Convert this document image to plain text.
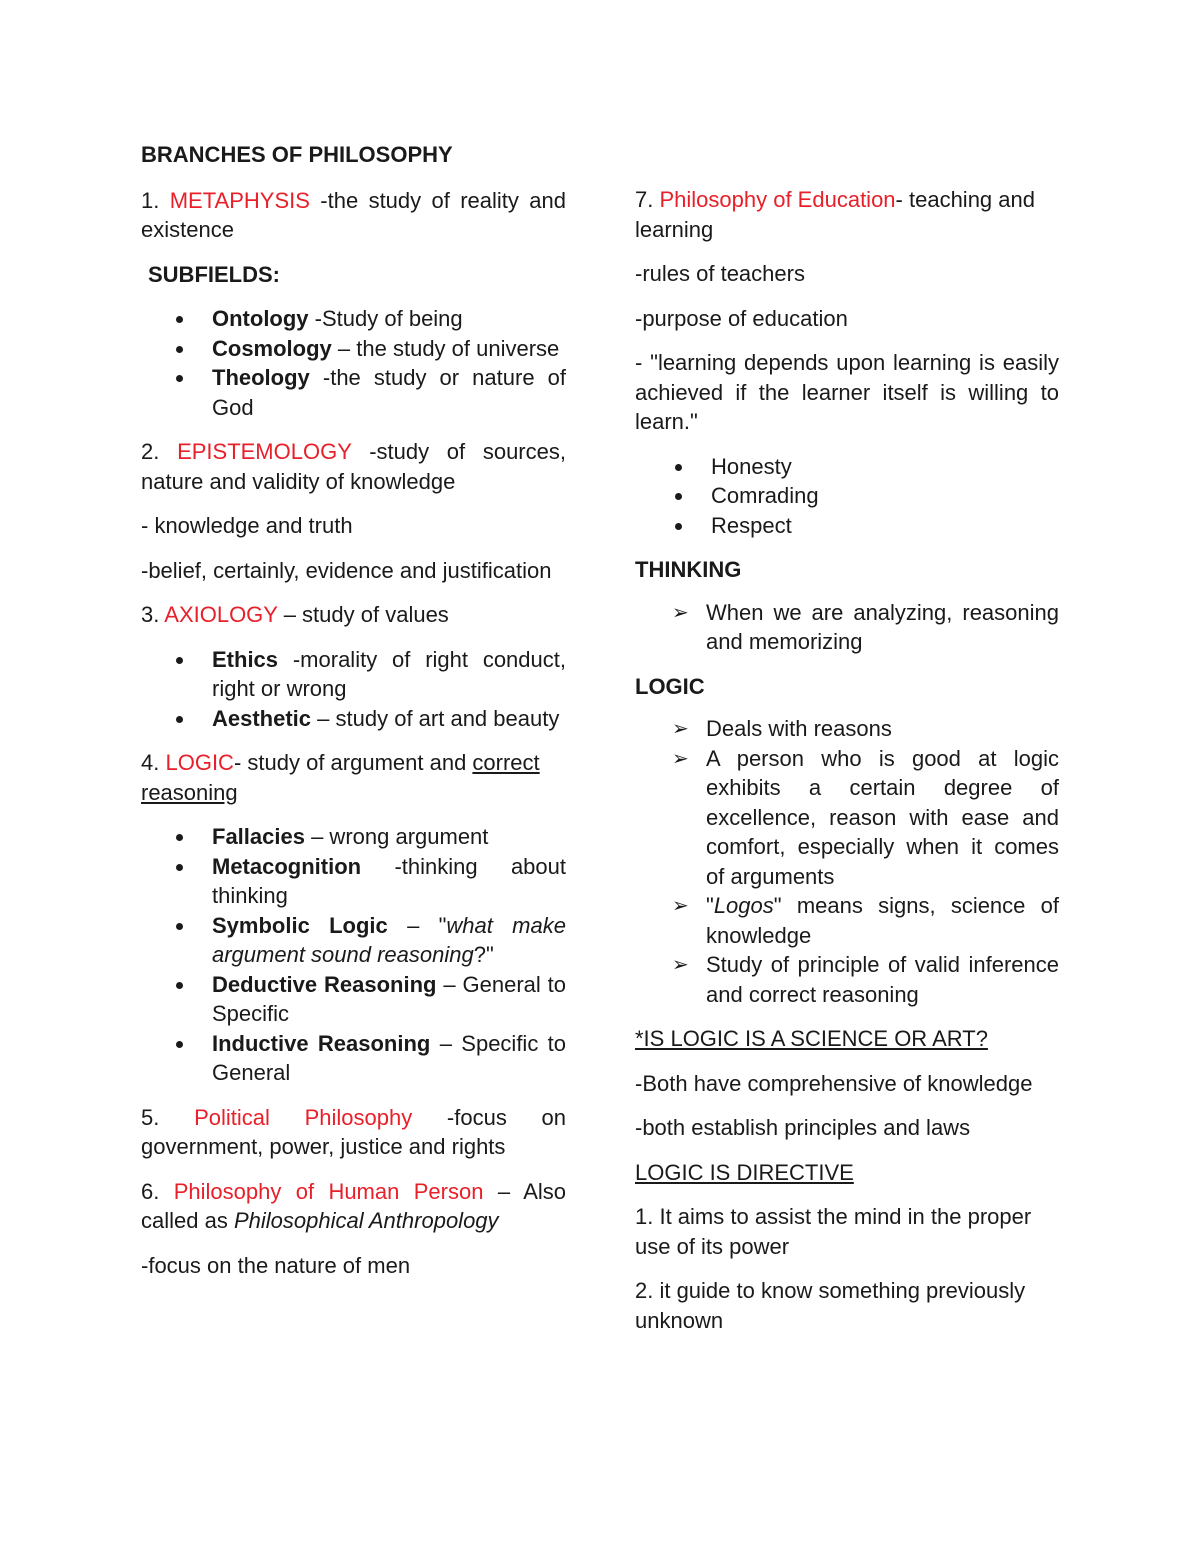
BRANCHES OF PHILOSOPHY

1. METAPHYSIS -the study of reality and existence

SUBFIELDS:

Ontology -Study of being
Cosmology – the study of universe
Theology -the study or nature of God

2. EPISTEMOLOGY -study of sources, nature and validity of knowledge

- knowledge and truth

-belief, certainly, evidence and justification

3. AXIOLOGY – study of values

Ethics -morality of right conduct, right or wrong
Aesthetic – study of art and beauty

4. LOGIC- study of argument and correct reasoning

Fallacies – wrong argument
Metacognition -thinking about thinking
Symbolic Logic – "what make argument sound reasoning?"
Deductive Reasoning – General to Specific
Inductive Reasoning – Specific to General

5. Political Philosophy -focus on government, power, justice and rights

6. Philosophy of Human Person – Also called as Philosophical Anthropology

-focus on the nature of men

7. Philosophy of Education- teaching and learning

-rules of teachers

-purpose of education

- "learning depends upon learning is easily achieved if the learner itself is willing to learn."

Honesty
Comrading
Respect

THINKING

➢ When we are analyzing, reasoning and memorizing

LOGIC

➢ Deals with reasons
➢ A person who is good at logic exhibits a certain degree of excellence, reason with ease and comfort, especially when it comes of arguments
➢ "Logos" means signs, science of knowledge
➢ Study of principle of valid inference and correct reasoning

*IS LOGIC IS A SCIENCE OR ART?

-Both have comprehensive of knowledge

-both establish principles and laws

LOGIC IS DIRECTIVE

1. It aims to assist the mind in the proper use of its power

2. it guide to know something previously unknown
